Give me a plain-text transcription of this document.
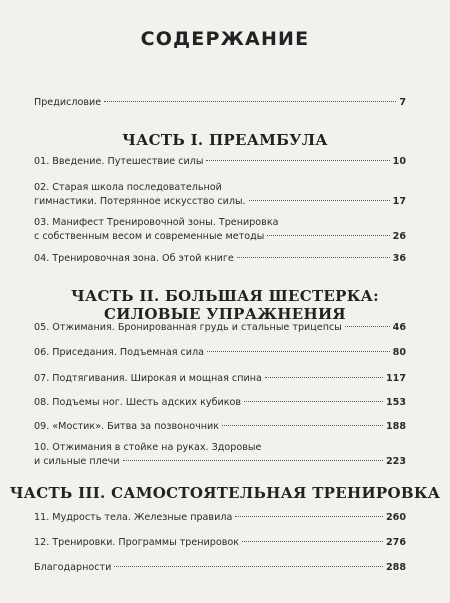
СОДЕРЖАНИЕ
Предисловие	7
ЧАСТЬ I. ПРЕАМБУЛА
01. Введение. Путешествие силы	10
02. Старая школа последовательной
гимнастики. Потерянное искусство силы.	17
03. Манифест Тренировочной зоны. Тренировка
с собственным весом и современные методы	26
04. Тренировочная зона. Об этой книге	36
ЧАСТЬ II. БОЛЬШАЯ ШЕСТЕРКА:
СИЛОВЫЕ УПРАЖНЕНИЯ
05. Отжимания. Бронированная грудь и стальные трицепсы	46
06. Приседания. Подъемная сила	80
07. Подтягивания. Широкая и мощная спина	117
08. Подъемы ног. Шесть адских кубиков	153
09. «Мостик». Битва за позвоночник	188
10. Отжимания в стойке на руках. Здоровые
и сильные плечи	223
ЧАСТЬ III. САМОСТОЯТЕЛЬНАЯ ТРЕНИРОВКА
11. Мудрость тела. Железные правила	260
12. Тренировки. Программы тренировок	276
Благодарности	288
